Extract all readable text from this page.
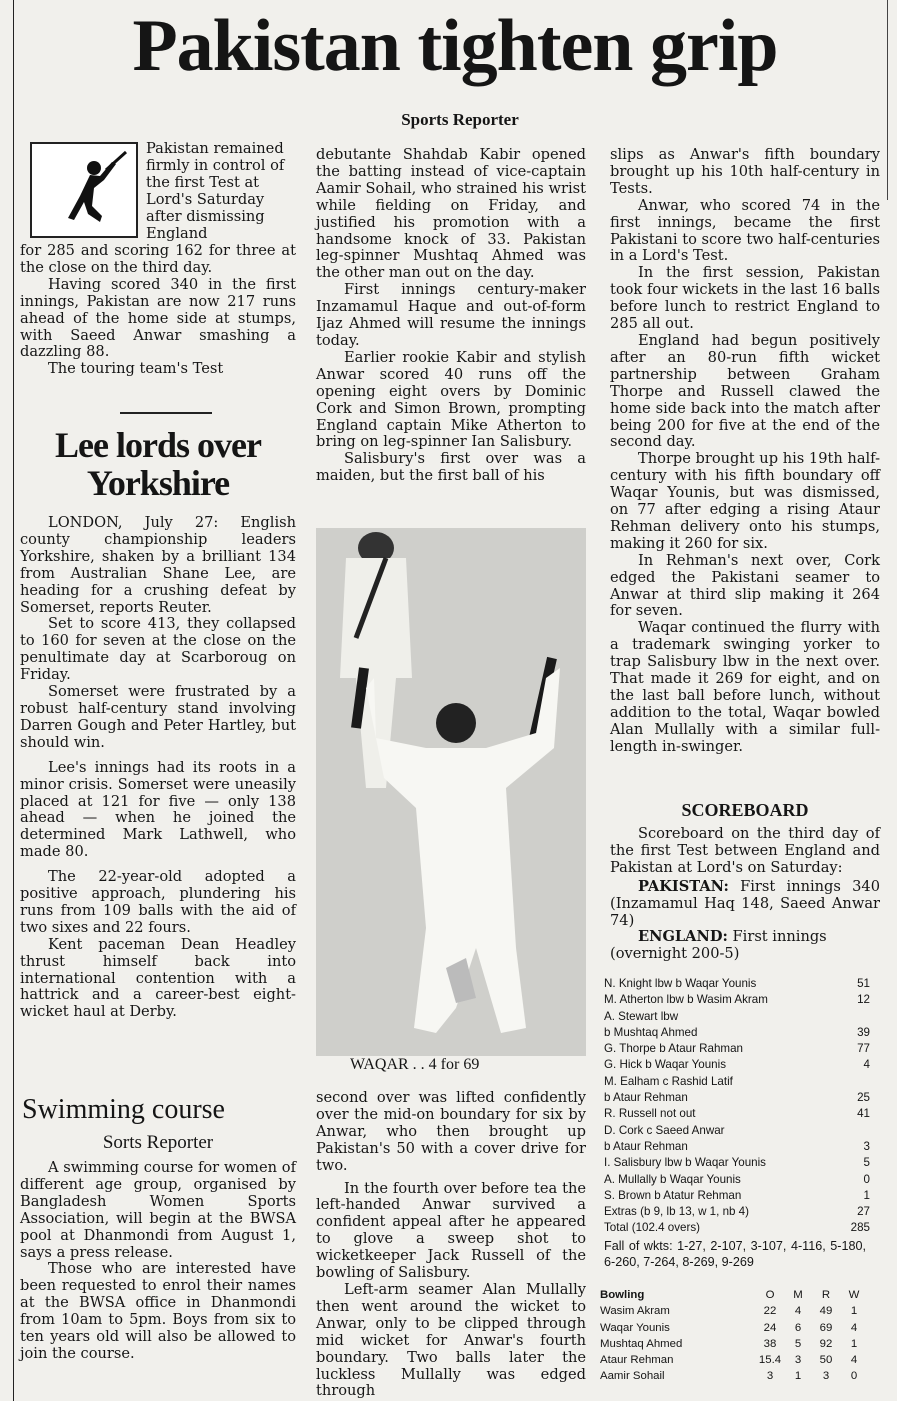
Pakistan tighten grip
Sports Reporter

Pakistan remained firmly in control of the first Test at Lord's Saturday after dismissing England

for 285 and scoring 162 for three at the close on the third day.

Having scored 340 in the first innings, Pakistan are now 217 runs ahead of the home side at stumps, with Saeed Anwar smashing a dazzling 88.

The touring team's Test

Lee lords over Yorkshire

LONDON, July 27: English county championship leaders Yorkshire, shaken by a brilliant 134 from Australian Shane Lee, are heading for a crushing defeat by Somerset, reports Reuter.

Set to score 413, they collapsed to 160 for seven at the close on the penultimate day at Scarboroug on Friday.

Somerset were frustrated by a robust half-century stand involving Darren Gough and Peter Hartley, but should win.

Lee's innings had its roots in a minor crisis. Somerset were uneasily placed at 121 for five — only 138 ahead — when he joined the determined Mark Lathwell, who made 80.

The 22-year-old adopted a positive approach, plundering his runs from 109 balls with the aid of two sixes and 22 fours.

Kent paceman Dean Headley thrust himself back into international contention with a hattrick and a career-best eight-wicket haul at Derby.

Swimming course
Sorts Reporter

A swimming course for women of different age group, organised by Bangladesh Women Sports Association, will begin at the BWSA pool at Dhanmondi from August 1, says a press release.

Those who are interested have been requested to enrol their names at the BWSA office in Dhanmondi from 10am to 5pm. Boys from six to ten years old will also be allowed to join the course.

debutante Shahdab Kabir opened the batting instead of vice-captain Aamir Sohail, who strained his wrist while fielding on Friday, and justified his promotion with a handsome knock of 33. Pakistan leg-spinner Mushtaq Ahmed was the other man out on the day.

First innings century-maker Inzamamul Haque and out-of-form Ijaz Ahmed will resume the innings today.

Earlier rookie Kabir and stylish Anwar scored 40 runs off the opening eight overs by Dominic Cork and Simon Brown, prompting England captain Mike Atherton to bring on leg-spinner Ian Salisbury.

Salisbury's first over was a maiden, but the first ball of his

WAQAR . . 4 for 69

second over was lifted confidently over the mid-on boundary for six by Anwar, who then brought up Pakistan's 50 with a cover drive for two.

In the fourth over before tea the left-handed Anwar survived a confident appeal after he appeared to glove a sweep shot to wicketkeeper Jack Russell of the bowling of Salisbury.

Left-arm seamer Alan Mullally then went around the wicket to Anwar, only to be clipped through mid wicket for Anwar's fourth boundary. Two balls later the luckless Mullally was edged through

slips as Anwar's fifth boundary brought up his 10th half-century in Tests.

Anwar, who scored 74 in the first innings, became the first Pakistani to score two half-centuries in a Lord's Test.

In the first session, Pakistan took four wickets in the last 16 balls before lunch to restrict England to 285 all out.

England had begun positively after an 80-run fifth wicket partnership between Graham Thorpe and Russell clawed the home side back into the match after being 200 for five at the end of the second day.

Thorpe brought up his 19th half-century with his fifth boundary off Waqar Younis, but was dismissed, on 77 after edging a rising Ataur Rehman delivery onto his stumps, making it 260 for six.

In Rehman's next over, Cork edged the Pakistani seamer to Anwar at third slip making it 264 for seven.

Waqar continued the flurry with a trademark swinging yorker to trap Salisbury lbw in the next over. That made it 269 for eight, and on the last ball before lunch, without addition to the total, Waqar bowled Alan Mullally with a similar full-length in-swinger.

SCOREBOARD

Scoreboard on the third day of the first Test between England and Pakistan at Lord's on Saturday:

PAKISTAN: First innings 340 (Inzamamul Haq 148, Saeed Anwar 74)

ENGLAND: First innings

(overnight 200-5)

N. Knight lbw b Waqar Younis	51
M. Atherton lbw b Wasim Akram	12
A. Stewart lbw
b Mushtaq Ahmed	39
G. Thorpe b Ataur Rahman	77
G. Hick b Waqar Younis	4
M. Ealham c Rashid Latif
b Ataur Rehman	25
R. Russell not out	41
D. Cork c Saeed Anwar
b Ataur Rehman	3
I. Salisbury lbw b Waqar Younis	5
A. Mullally b Waqar Younis	0
S. Brown b Atatur Rehman	1
Extras (b 9, lb 13, w 1, nb 4)	27
Total (102.4 overs)	285
Fall of wkts: 1-27, 2-107, 3-107, 4-116, 5-180, 6-260, 7-264, 8-269, 9-269
Bowling	O	M	R	W
Wasim Akram	22	4	49	1
Waqar Younis	24	6	69	4
Mushtaq Ahmed	38	5	92	1
Ataur Rehman	15.4	3	50	4
Aamir Sohail	3	1	3	0
